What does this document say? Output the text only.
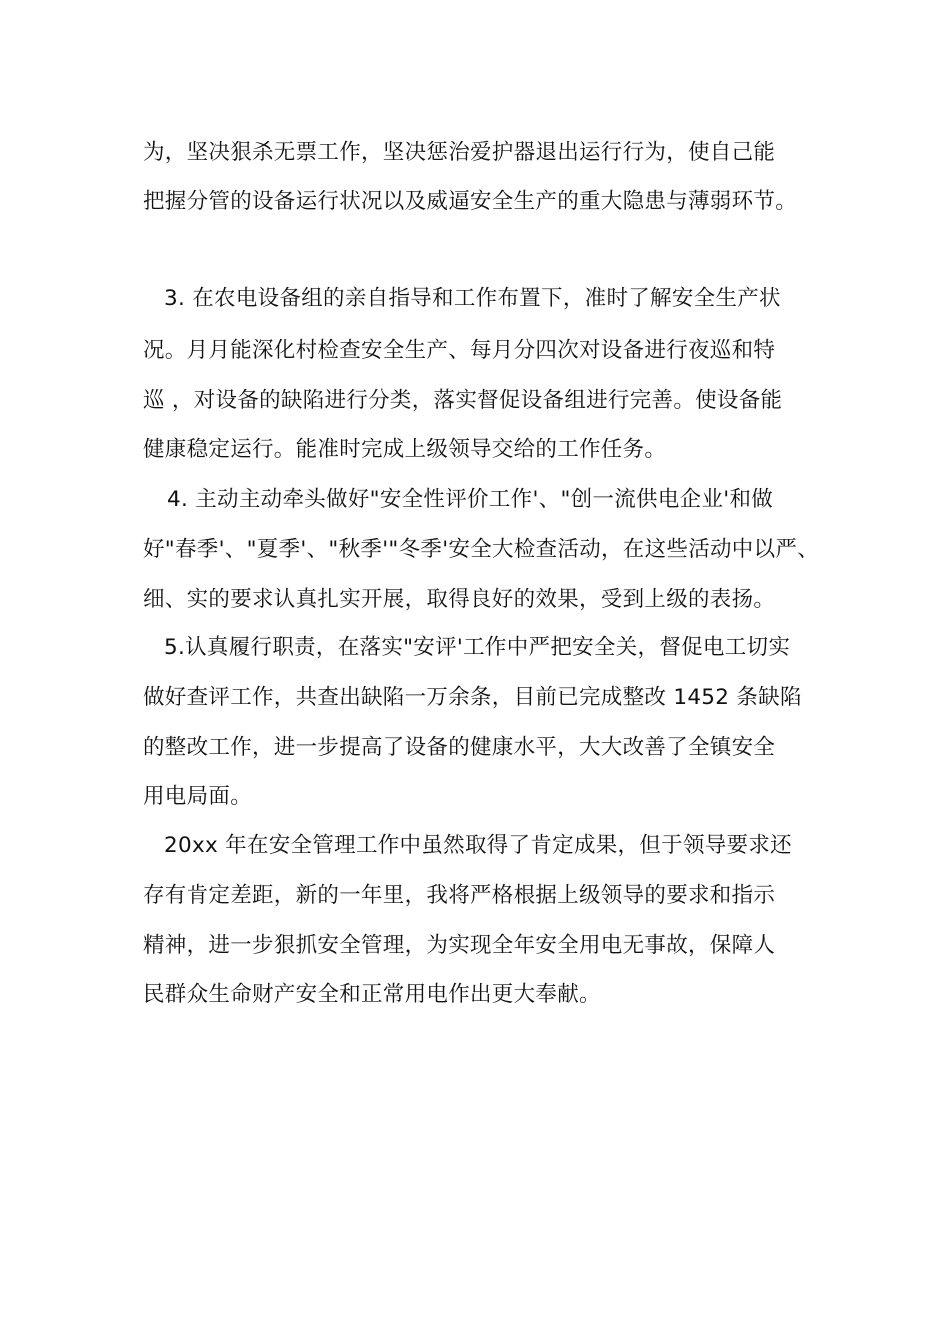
为，坚决狠杀无票工作，坚决惩治爱护器退出运行行为，使自己能
把握分管的设备运行状况以及威逼安全生产的重大隐患与薄弱环节。
3. 在农电设备组的亲自指导和工作布置下，准时了解安全生产状
况。月月能深化村检查安全生产、每月分四次对设备进行夜巡和特
巡 ，对设备的缺陷进行分类，落实督促设备组进行完善。使设备能
健康稳定运行。能准时完成上级领导交给的工作任务。
4. 主动主动牵头做好"安全性评价工作'、"创一流供电企业'和做
好"春季'、"夏季'、"秋季'"冬季'安全大检查活动，在这些活动中以严、
细、实的要求认真扎实开展，取得良好的效果，受到上级的表扬。
5.认真履行职责，在落实"安评'工作中严把安全关，督促电工切实
做好查评工作，共查出缺陷一万余条，目前已完成整改 1452 条缺陷
的整改工作，进一步提高了设备的健康水平，大大改善了全镇安全
用电局面。
20xx 年在安全管理工作中虽然取得了肯定成果，但于领导要求还
存有肯定差距，新的一年里，我将严格根据上级领导的要求和指示
精神，进一步狠抓安全管理，为实现全年安全用电无事故，保障人
民群众生命财产安全和正常用电作出更大奉献。
